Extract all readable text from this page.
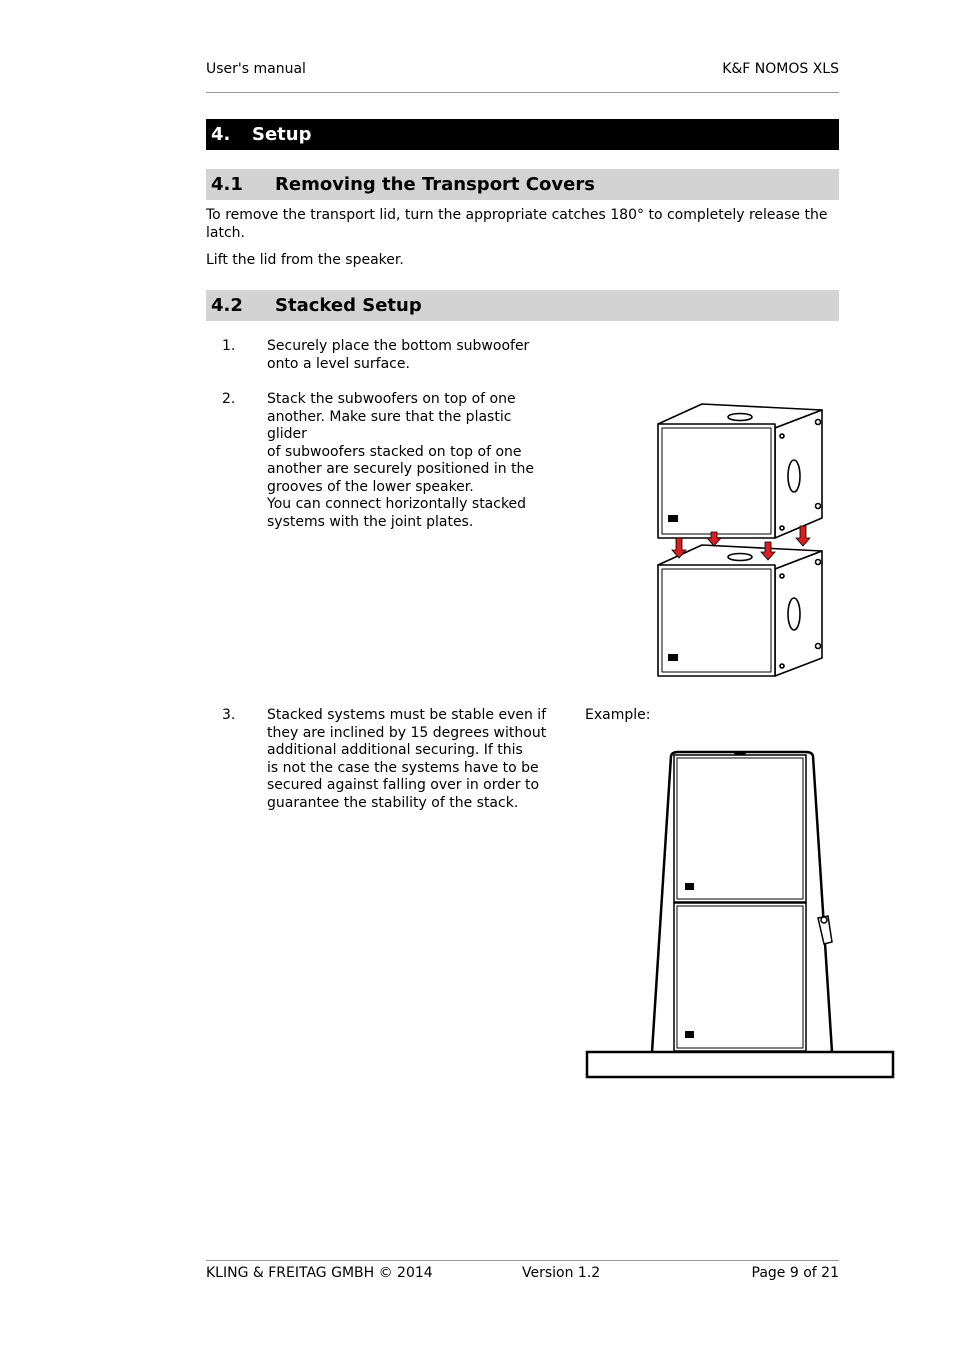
User's manual	K&F NOMOS XLS
4. Setup
4.1 Removing the Transport Covers
To remove the transport lid, turn the appropriate catches 180° to completely release the latch.
Lift the lid from the speaker.
4.2 Stacked Setup
1. Securely place the bottom subwoofer
onto a level surface.
2. Stack the subwoofers on top of one
another. Make sure that the plastic glider
of subwoofers stacked on top of one
another are securely positioned in the
grooves of the lower speaker.
You can connect horizontally stacked
systems with the joint plates.
3. Stacked systems must be stable even if
they are inclined by 15 degrees without
additional additional securing. If this
is not the case the systems have to be
secured against falling over in order to
guarantee the stability of the stack.
Example:
KLING & FREITAG GMBH © 2014	Version 1.2	Page 9 of 21
